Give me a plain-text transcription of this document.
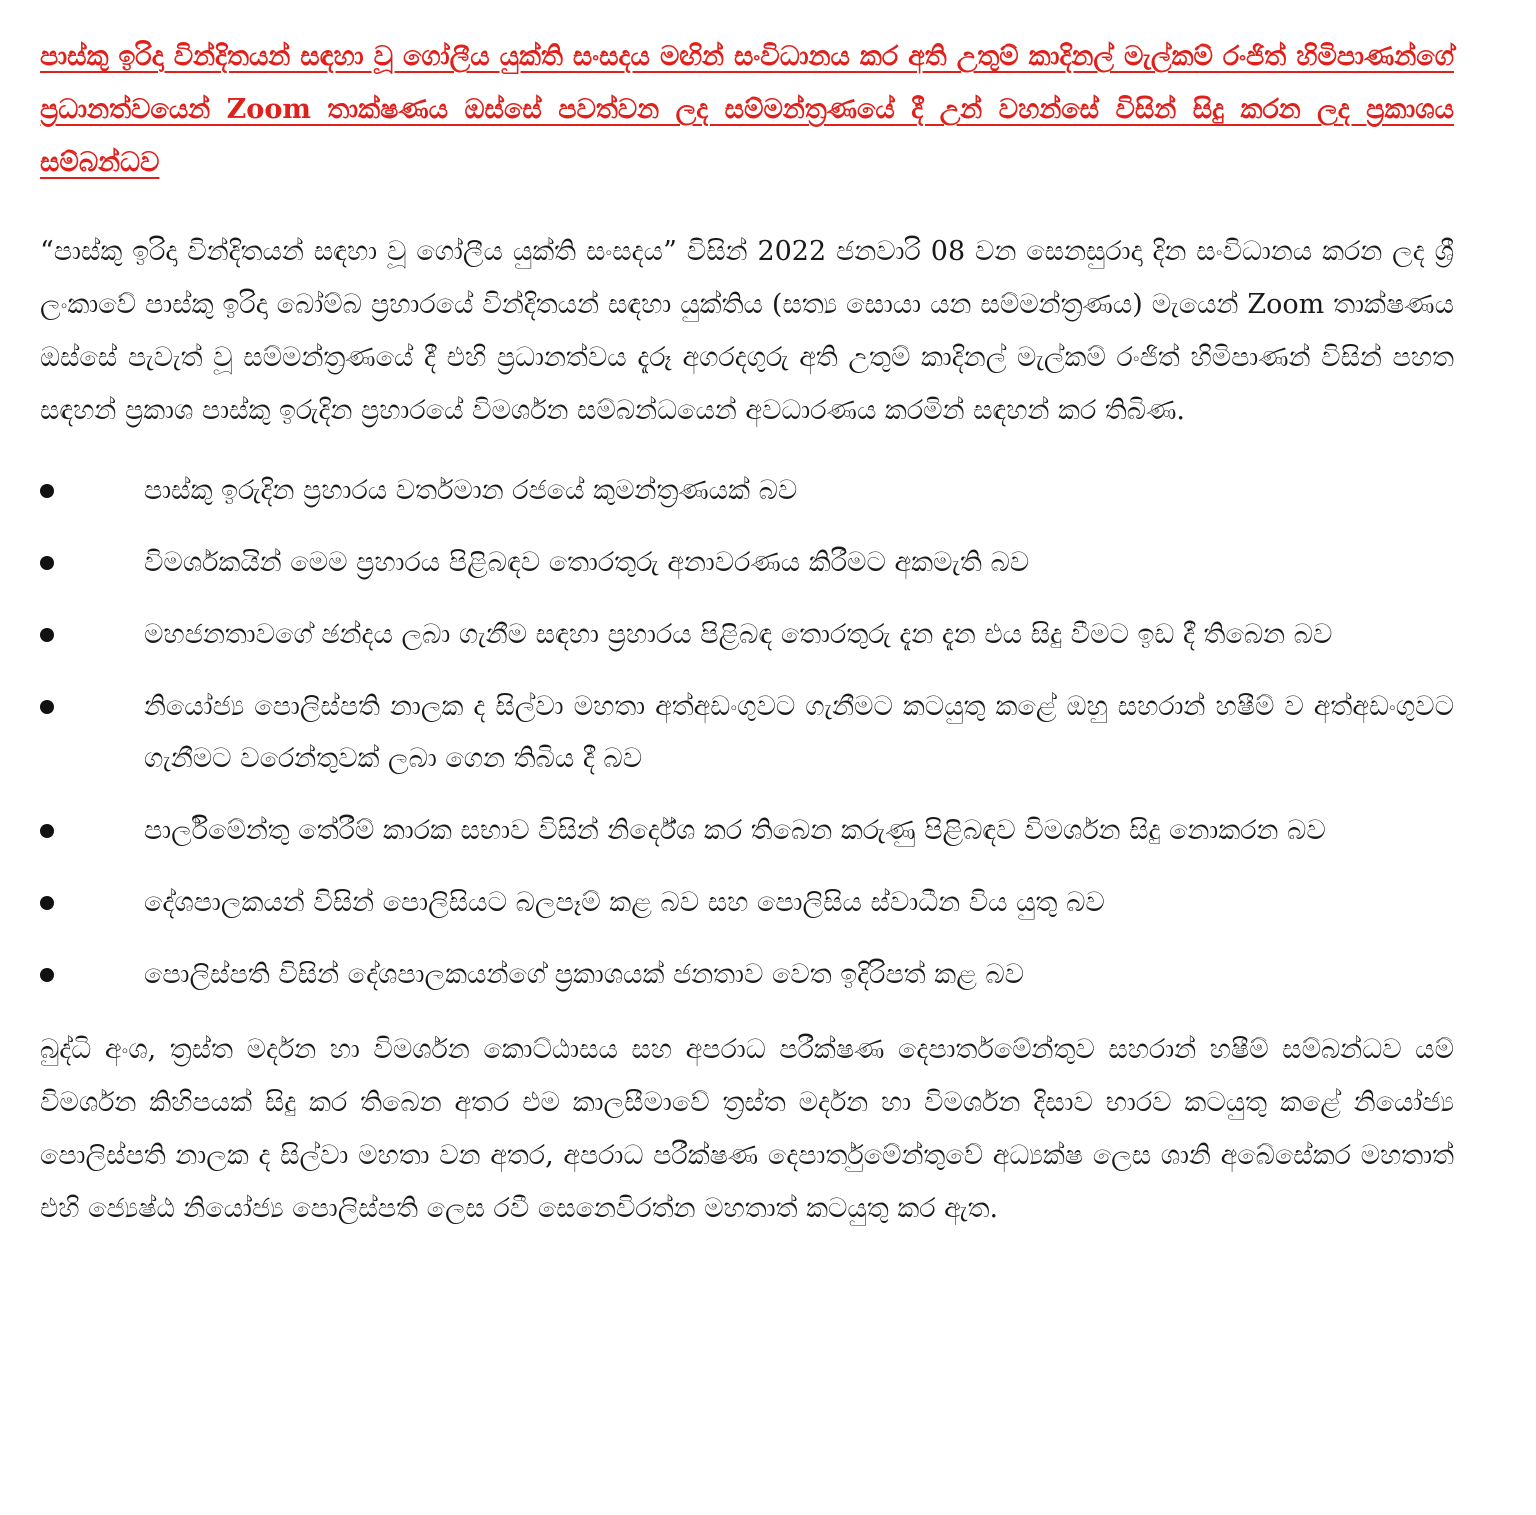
පාස්කු ඉරිදා වින්දිතයන් සඳහා වූ ගෝලීය යුක්ති සංසදය මඟින් සංවිධානය කර අති උතුම් කාදිනල් මැල්කම් රංජිත් හිමිපාණන්ගේ ප්‍රධානත්වයෙන් Zoom තාක්ෂණය ඔස්සේ පවත්වන ලද සම්මන්ත්‍රණයේ දී උන් වහන්සේ විසින් සිදු කරන ලද ප්‍රකාශය සම්බන්ධව

“පාස්කු ඉරිදා වින්දිතයන් සඳහා වූ ගෝලීය යුක්ති සංසදය” විසින් 2022 ජනවාරි 08 වන සෙනසුරාදා දින සංවිධානය කරන ලද ශ්‍රී ලංකාවේ පාස්කු ඉරිදා බෝම්බ ප්‍රහාරයේ වින්දිතයන් සඳහා යුක්තිය (සත්‍ය සොයා යන සම්මන්ත්‍රණය) මැයෙන් Zoom තාක්ෂණය ඔස්සේ පැවැත් වූ සම්මන්ත්‍රණයේ දී එහි ප්‍රධානත්වය දැරූ අගරදගුරු අති උතුම් කාදිනල් මැල්කම් රංජිත් හිමිපාණන් විසින් පහත සඳහන් ප්‍රකාශ පාස්කු ඉරුදින ප්‍රහාරයේ විමර්ශන සම්බන්ධයෙන් අවධාරණය කරමින් සඳහන් කර තිබිණ.

පාස්කු ඉරුදින ප්‍රහාරය වර්තමාන රජයේ කුමන්ත්‍රණයක් බව
විමර්ශකයින් මෙම ප්‍රහාරය පිළිබඳව තොරතුරු අනාවරණය කිරීමට අකමැති බව
මහජනතාවගේ ඡන්දය ලබා ගැනීම සඳහා ප්‍රහාරය පිළිබඳ තොරතුරු දැන දැන එය සිදු වීමට ඉඩ දී තිබෙන බව
නියෝජ්‍ය පොලිස්පති නාලක ද සිල්වා මහතා අත්අඩංගුවට ගැනීමට කටයුතු කළේ ඔහු සහරාන් හෂීම් ව අත්අඩංගුවට ගැනීමට වරෙන්තුවක් ලබා ගෙන තිබිය දී බව
පාර්ලිමේන්තු තේරීම් කාරක සභාව විසින් නිර්දේශ කර තිබෙන කරුණු පිළිබඳව විමර්ශන සිදු නොකරන බව
දේශපාලකයන් විසින් පොලිසියට බලපෑම් කළ බව සහ පොලිසිය ස්වාධීන විය යුතු බව
පොලිස්පති විසින් දේශපාලකයන්ගේ ප්‍රකාශයක් ජනතාව වෙත ඉදිරිපත් කළ බව

බුද්ධි අංශ, ත්‍රස්ත මර්දන හා විමර්ශන කොට්ඨාසය සහ අපරාධ පරීක්ෂණ දෙපාර්තමේන්තුව සහරාන් හෂීම් සම්බන්ධව යම් විමර්ශන කිහිපයක් සිදු කර තිබෙන අතර එම කාලසීමාවේ ත්‍රස්ත මර්දන හා විමර්ශන දිසාව භාරව කටයුතු කළේ නියෝජ්‍ය පොලිස්පති නාලක ද සිල්වා මහතා වන අතර, අපරාධ පරීක්ෂණ දෙපාර්තුමේන්තුවේ අධ්‍යක්ෂ ලෙස ශානි අබේසේකර මහතාත් එහි ජ්‍යෙෂ්ඨ නියෝජ්‍ය පොලිස්පති ලෙස රවී සෙනෙවිරත්න මහතාත් කටයුතු කර ඇත.
